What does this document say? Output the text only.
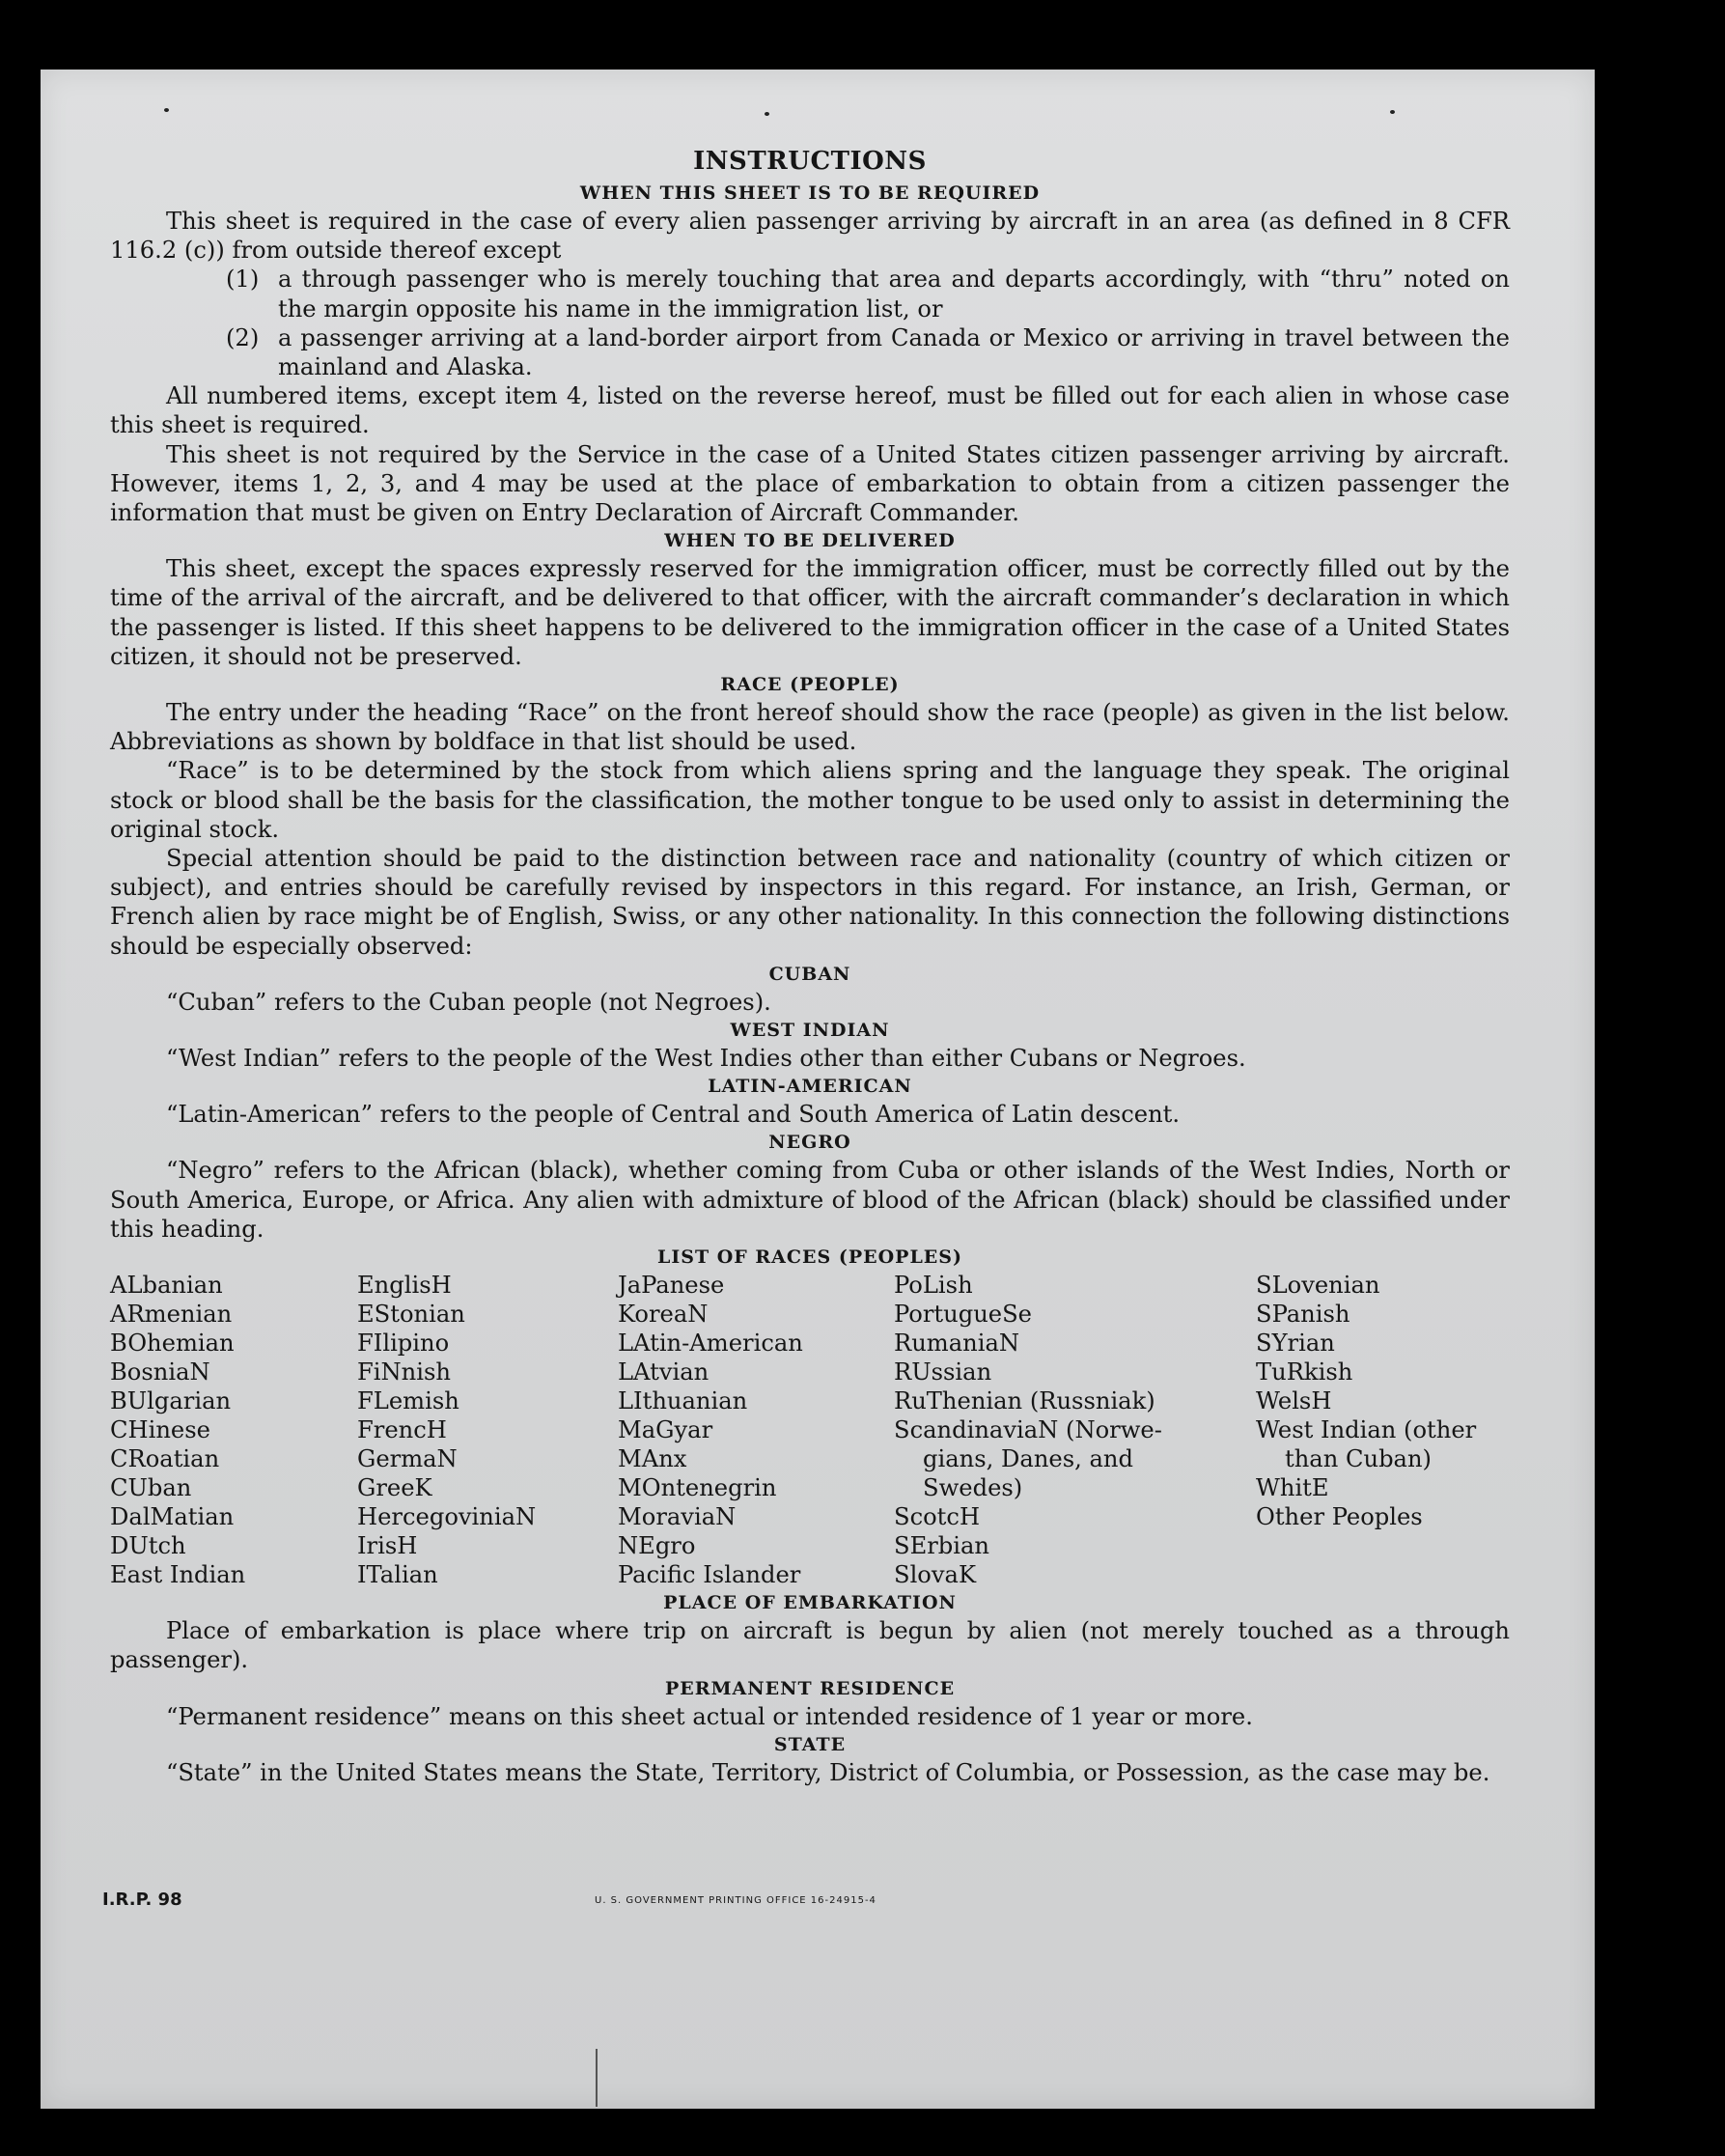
INSTRUCTIONS
WHEN THIS SHEET IS TO BE REQUIRED

This sheet is required in the case of every alien passenger arriving by aircraft in an area (as defined in 8 CFR 116.2 (c)) from outside thereof except

(1) a through passenger who is merely touching that area and departs accordingly, with “thru” noted on the margin opposite his name in the immigration list, or

(2) a passenger arriving at a land-border airport from Canada or Mexico or arriving in travel between the mainland and Alaska.

All numbered items, except item 4, listed on the reverse hereof, must be filled out for each alien in whose case this sheet is required.

This sheet is not required by the Service in the case of a United States citizen passenger arriving by aircraft. However, items 1, 2, 3, and 4 may be used at the place of embarkation to obtain from a citizen passenger the information that must be given on Entry Declaration of Aircraft Commander.

WHEN TO BE DELIVERED

This sheet, except the spaces expressly reserved for the immigration officer, must be correctly filled out by the time of the arrival of the aircraft, and be delivered to that officer, with the aircraft commander’s declaration in which the passenger is listed. If this sheet happens to be delivered to the immigration officer in the case of a United States citizen, it should not be preserved.

RACE (PEOPLE)

The entry under the heading “Race” on the front hereof should show the race (people) as given in the list below. Abbreviations as shown by boldface in that list should be used.

“Race” is to be determined by the stock from which aliens spring and the language they speak. The original stock or blood shall be the basis for the classification, the mother tongue to be used only to assist in determining the original stock.

Special attention should be paid to the distinction between race and nationality (country of which citizen or subject), and entries should be carefully revised by inspectors in this regard. For instance, an Irish, German, or French alien by race might be of English, Swiss, or any other nationality. In this connection the following distinctions should be especially observed:

CUBAN

“Cuban” refers to the Cuban people (not Negroes).

WEST INDIAN

“West Indian” refers to the people of the West Indies other than either Cubans or Negroes.

LATIN-AMERICAN

“Latin-American” refers to the people of Central and South America of Latin descent.

NEGRO

“Negro” refers to the African (black), whether coming from Cuba or other islands of the West Indies, North or South America, Europe, or Africa. Any alien with admixture of blood of the African (black) should be classified under this heading.

LIST OF RACES (PEOPLES)
ALbanian
ARmenian
BOhemian
BosniaN
BUlgarian
CHinese
CRoatian
CUban
DalMatian
DUtch
East Indian
EnglisH
EStonian
FIlipino
FiNnish
FLemish
FrencH
GermaN
GreeK
HercegoviniaN
IrisH
ITalian
JaPanese
KoreaN
LAtin-American
LAtvian
LIthuanian
MaGyar
MAnx
MOntenegrin
MoraviaN
NEgro
Pacific Islander
PoLish
PortugueSe
RumaniaN
RUssian
RuThenian (Russniak)
ScandinaviaN (Norwe-
gians, Danes, and
Swedes)
ScotcH
SErbian
SlovaK
SLovenian
SPanish
SYrian
TuRkish
WelsH
West Indian (other
than Cuban)
WhitE
Other Peoples
PLACE OF EMBARKATION

Place of embarkation is place where trip on aircraft is begun by alien (not merely touched as a through passenger).

PERMANENT RESIDENCE

“Permanent residence” means on this sheet actual or intended residence of 1 year or more.

STATE

“State” in the United States means the State, Territory, District of Columbia, or Possession, as the case may be.

I.R.P. 98	U. S. GOVERNMENT PRINTING OFFICE 16-24915-4
